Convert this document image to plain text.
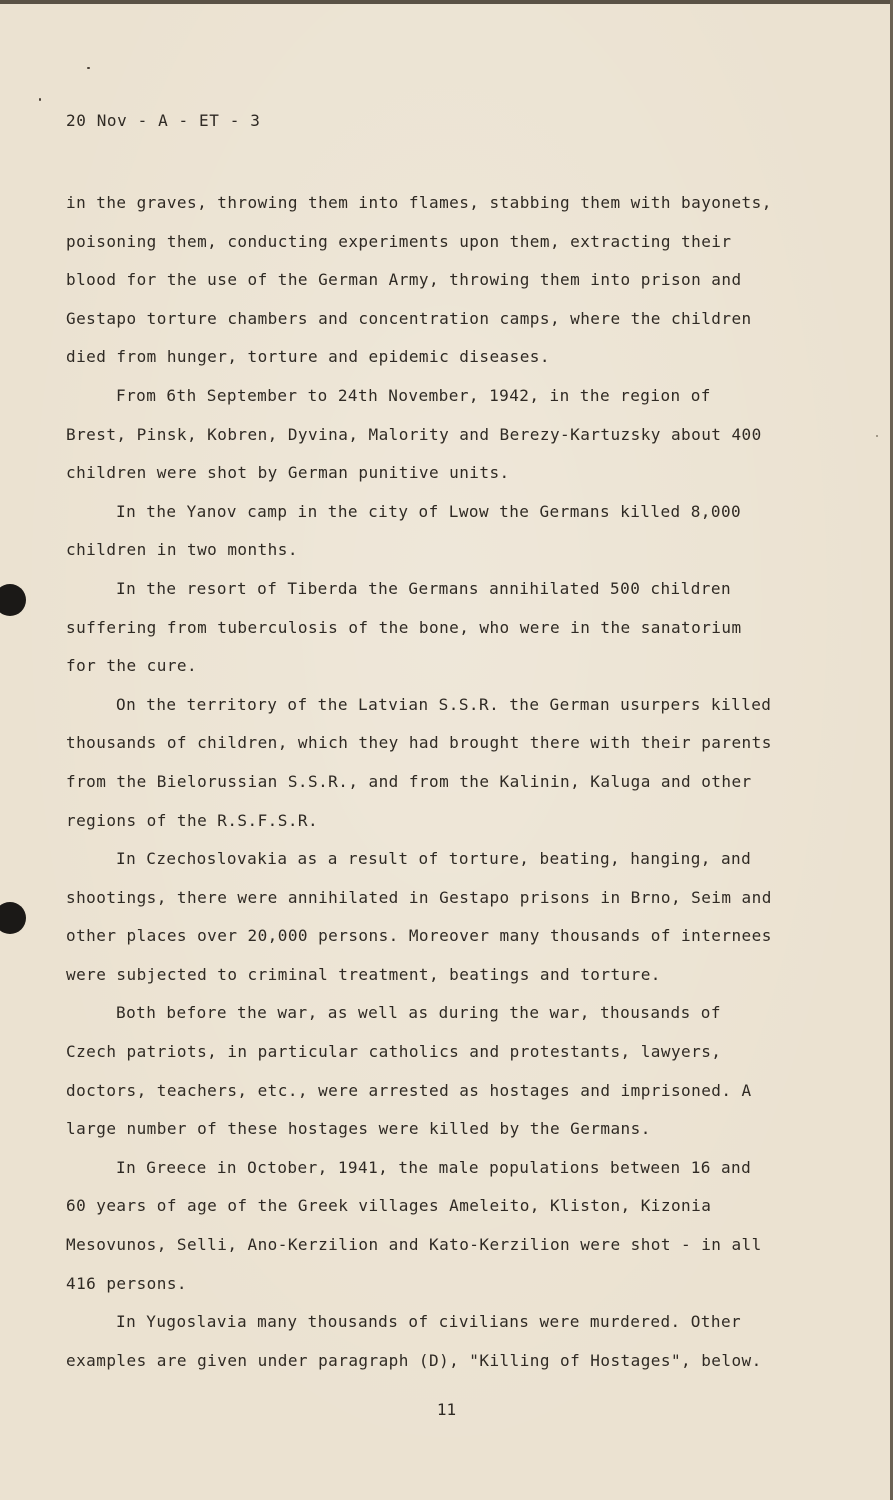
20 Nov - A - ET - 3

in the graves, throwing them into flames, stabbing them with bayonets, poisoning them, conducting experiments upon them, extracting their blood for the use of the German Army, throwing them into prison and Gestapo torture chambers and concentration camps, where the children died from hunger, torture and epidemic diseases.

From 6th September to 24th November, 1942, in the region of Brest, Pinsk, Kobren, Dyvina, Malority and Berezy-Kartuzsky about 400 children were shot by German punitive units.

In the Yanov camp in the city of Lwow the Germans killed 8,000 children in two months.

In the resort of Tiberda the Germans annihilated 500 children suffering from tuberculosis of the bone, who were in the sanatorium for the cure.

On the territory of the Latvian S.S.R. the German usurpers killed thousands of children, which they had brought there with their parents from the Bielorussian S.S.R., and from the Kalinin, Kaluga and other regions of the R.S.F.S.R.

In Czechoslovakia as a result of torture, beating, hanging, and shootings, there were annihilated in Gestapo prisons in Brno, Seim and other places over 20,000 persons. Moreover many thousands of internees were subjected to criminal treatment, beatings and torture.

Both before the war, as well as during the war, thousands of Czech patriots, in particular catholics and protestants, lawyers, doctors, teachers, etc., were arrested as hostages and imprisoned. A large number of these hostages were killed by the Germans.

In Greece in October, 1941, the male populations between 16 and 60 years of age of the Greek villages Ameleito, Kliston, Kizonia Mesovunos, Selli, Ano-Kerzilion and Kato-Kerzilion were shot - in all 416 persons.

In Yugoslavia many thousands of civilians were murdered. Other examples are given under paragraph (D), "Killing of Hostages", below.

11
